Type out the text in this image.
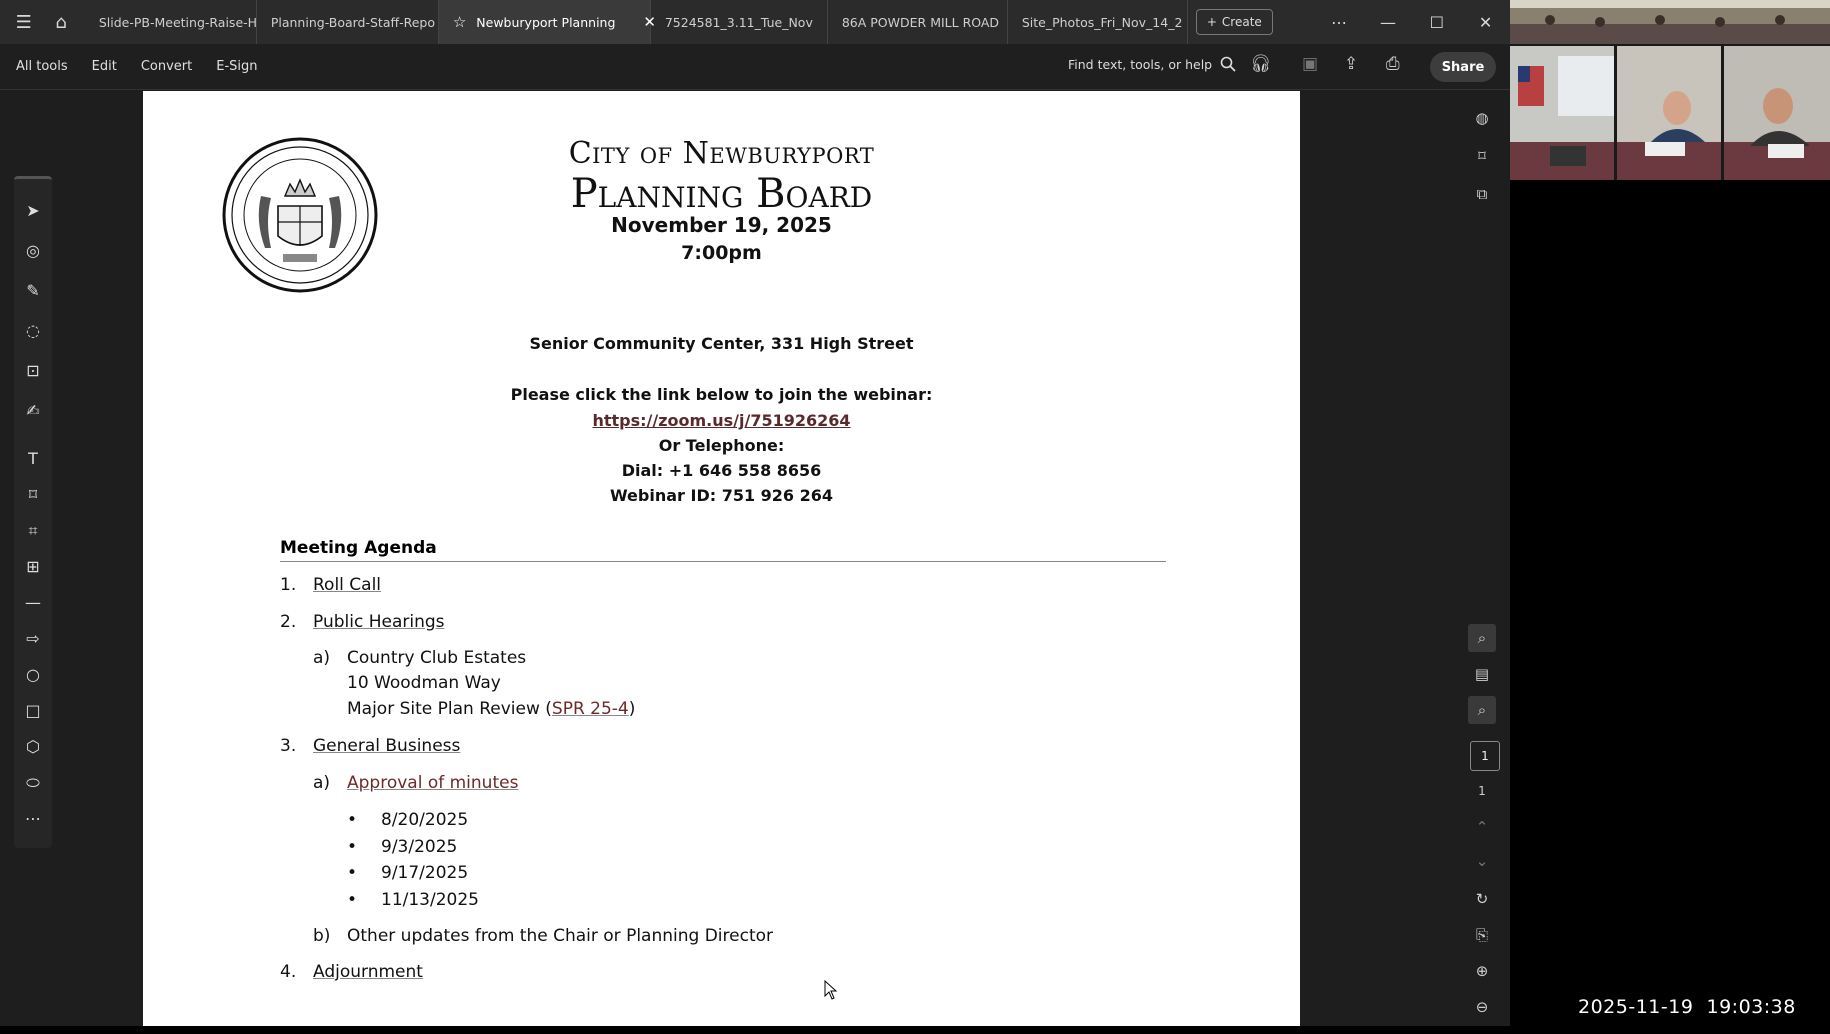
☰	⌂	Slide-PB-Meeting-Raise-H Planning-Board-Staff-Repo ☆ Newburyport Planning ✕ 7524581_3.11_Tue_Nov 86A POWDER MILL ROAD Site_Photos_Fri_Nov_14_2 + Create	⋯	—	☐	✕
All tools	Edit	Convert	E-Sign	Find text, tools, or help 🎧︎ ▣ ⇪ ⎙	Share
➤
◎
✎
◌
⊡
✍
T
⌑
⌗
⊞
—
⇨
○
□
⬡
⬭
⋯
City of Newburyport
Planning Board
November 19, 2025
7:00pm
Senior Community Center, 331 High Street
Please click the link below to join the webinar:
https://zoom.us/j/751926264
Or Telephone:
Dial: +1 646 558 8656
Webinar ID: 751 926 264
Meeting Agenda
1. Roll Call
2. Public Hearings
a) Country Club Estates
10 Woodman Way
Major Site Plan Review (SPR 25-4)
3. General Business
a) Approval of minutes
• 8/20/2025
• 9/3/2025
• 9/17/2025
• 11/13/2025
b) Other updates from the Chair or Planning Director
4. Adjournment
◍
⌑
⧉
⌕
▤
⌕
1
1
⌃
⌄
↻
⎘
⊕
⊖	2025-11-19  19:03:38
